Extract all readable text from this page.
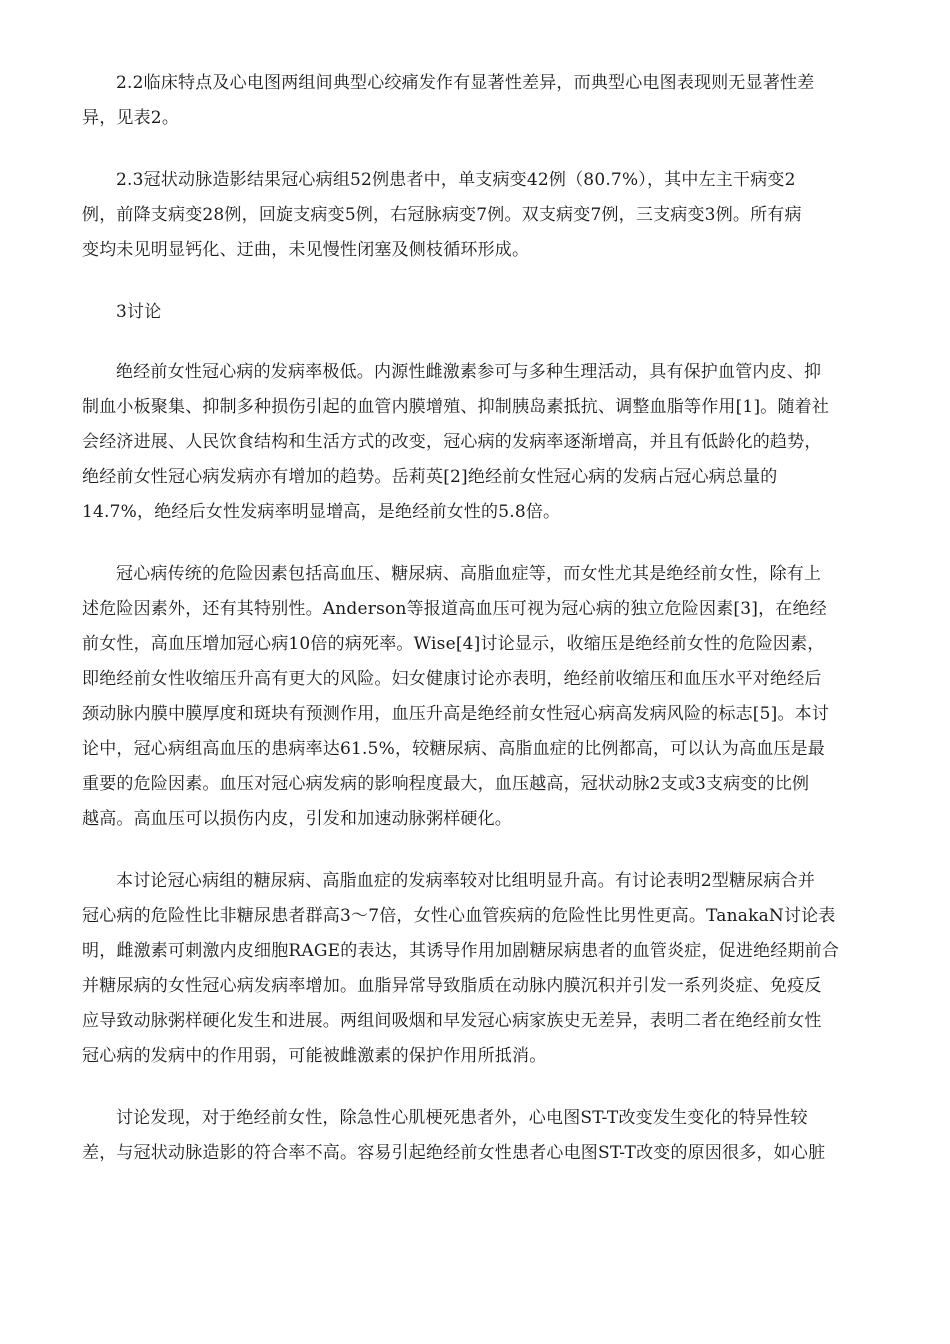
2.2临床特点及心电图两组间典型心绞痛发作有显著性差异，而典型心电图表现则无显著性差
异，见表2。

2.3冠状动脉造影结果冠心病组52例患者中，单支病变42例（80.7%），其中左主干病变2
例，前降支病变28例，回旋支病变5例，右冠脉病变7例。双支病变7例，三支病变3例。所有病
变均未见明显钙化、迂曲，未见慢性闭塞及侧枝循环形成。

3讨论

绝经前女性冠心病的发病率极低。内源性雌激素参可与多种生理活动，具有保护血管内皮、抑
制血小板聚集、抑制多种损伤引起的血管内膜增殖、抑制胰岛素抵抗、调整血脂等作用[1]。随着社
会经济进展、人民饮食结构和生活方式的改变，冠心病的发病率逐渐增高，并且有低龄化的趋势，
绝经前女性冠心病发病亦有增加的趋势。岳莉英[2]绝经前女性冠心病的发病占冠心病总量的
14.7%，绝经后女性发病率明显增高，是绝经前女性的5.8倍。

冠心病传统的危险因素包括高血压、糖尿病、高脂血症等，而女性尤其是绝经前女性，除有上
述危险因素外，还有其特别性。Anderson等报道高血压可视为冠心病的独立危险因素[3]，在绝经
前女性，高血压增加冠心病10倍的病死率。Wise[4]讨论显示，收缩压是绝经前女性的危险因素，
即绝经前女性收缩压升高有更大的风险。妇女健康讨论亦表明，绝经前收缩压和血压水平对绝经后
颈动脉内膜中膜厚度和斑块有预测作用，血压升高是绝经前女性冠心病高发病风险的标志[5]。本讨
论中，冠心病组高血压的患病率达61.5%，较糖尿病、高脂血症的比例都高，可以认为高血压是最
重要的危险因素。血压对冠心病发病的影响程度最大，血压越高，冠状动脉2支或3支病变的比例
越高。高血压可以损伤内皮，引发和加速动脉粥样硬化。

本讨论冠心病组的糖尿病、高脂血症的发病率较对比组明显升高。有讨论表明2型糖尿病合并
冠心病的危险性比非糖尿患者群高3～7倍，女性心血管疾病的危险性比男性更高。TanakaN讨论表
明，雌激素可刺激内皮细胞RAGE的表达，其诱导作用加剧糖尿病患者的血管炎症，促进绝经期前合
并糖尿病的女性冠心病发病率增加。血脂异常导致脂质在动脉内膜沉积并引发一系列炎症、免疫反
应导致动脉粥样硬化发生和进展。两组间吸烟和早发冠心病家族史无差异，表明二者在绝经前女性
冠心病的发病中的作用弱，可能被雌激素的保护作用所抵消。

讨论发现，对于绝经前女性，除急性心肌梗死患者外，心电图ST-T改变发生变化的特异性较
差，与冠状动脉造影的符合率不高。容易引起绝经前女性患者心电图ST-T改变的原因很多，如心脏
